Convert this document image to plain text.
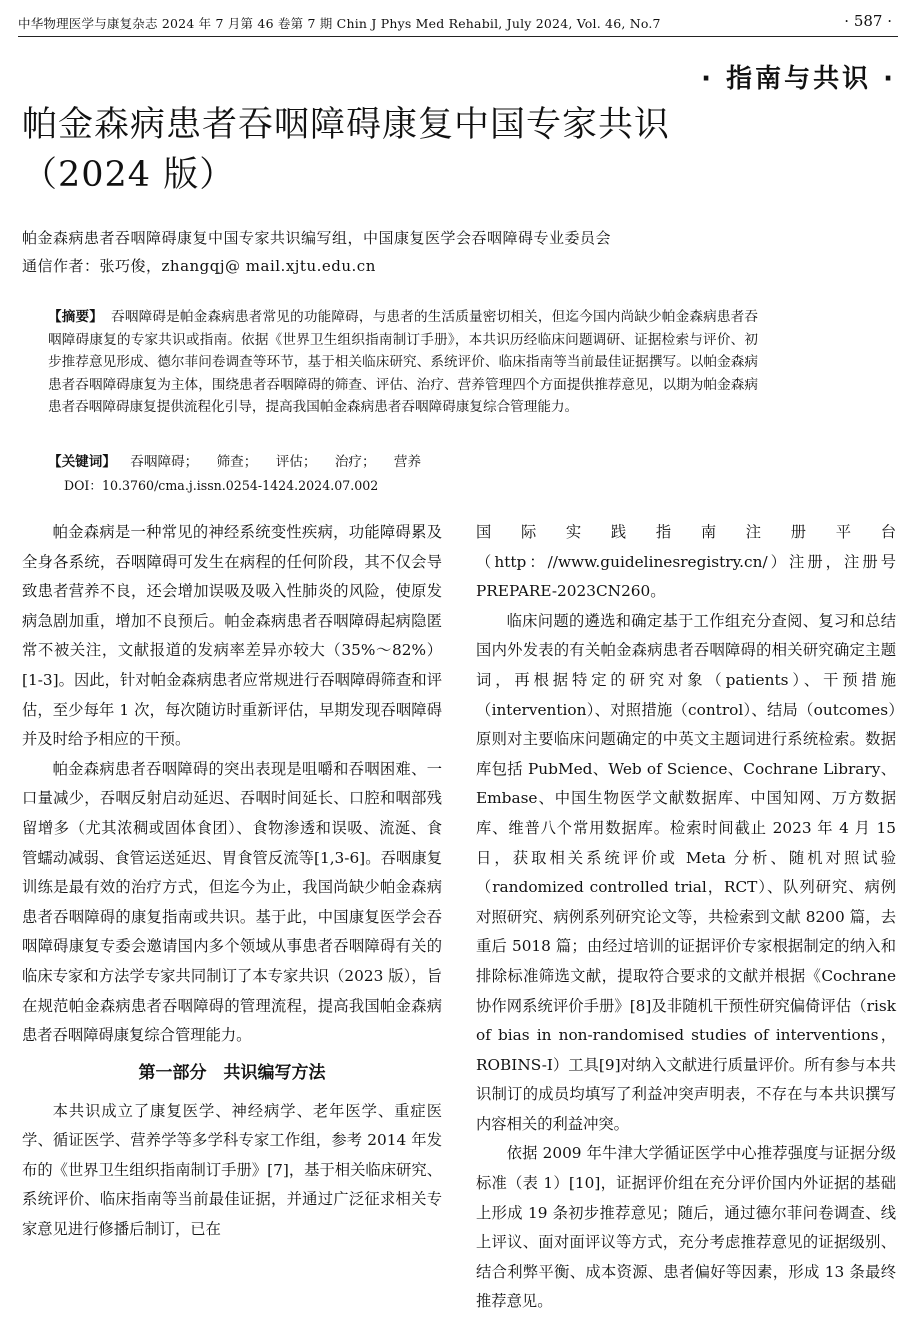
中华物理医学与康复杂志 2024 年 7 月第 46 卷第 7 期 Chin J Phys Med Rehabil, July 2024, Vol. 46, No.7	· 587 ·
· 指南与共识 ·
帕金森病患者吞咽障碍康复中国专家共识
（2024 版）
帕金森病患者吞咽障碍康复中国专家共识编写组，中国康复医学会吞咽障碍专业委员会
通信作者：张巧俊，zhangqj@ mail.xjtu.edu.cn
【摘要】 吞咽障碍是帕金森病患者常见的功能障碍，与患者的生活质量密切相关，但迄今国内尚缺少帕金森病患者吞咽障碍康复的专家共识或指南。依据《世界卫生组织指南制订手册》，本共识历经临床问题调研、证据检索与评价、初步推荐意见形成、德尔菲问卷调查等环节，基于相关临床研究、系统评价、临床指南等当前最佳证据撰写。以帕金森病患者吞咽障碍康复为主体，围绕患者吞咽障碍的筛查、评估、治疗、营养管理四个方面提供推荐意见，以期为帕金森病患者吞咽障碍康复提供流程化引导，提高我国帕金森病患者吞咽障碍康复综合管理能力。
【关键词】 吞咽障碍； 筛查； 评估； 治疗； 营养
DOI：10.3760/cma.j.issn.0254-1424.2024.07.002

帕金森病是一种常见的神经系统变性疾病，功能障碍累及全身各系统，吞咽障碍可发生在病程的任何阶段，其不仅会导致患者营养不良，还会增加误吸及吸入性肺炎的风险，使原发病急剧加重，增加不良预后。帕金森病患者吞咽障碍起病隐匿常不被关注，文献报道的发病率差异亦较大（35%～82%）[1-3]。因此，针对帕金森病患者应常规进行吞咽障碍筛查和评估，至少每年 1 次，每次随访时重新评估，早期发现吞咽障碍并及时给予相应的干预。

帕金森病患者吞咽障碍的突出表现是咀嚼和吞咽困难、一口量减少，吞咽反射启动延迟、吞咽时间延长、口腔和咽部残留增多（尤其浓稠或固体食团）、食物渗透和误吸、流涎、食管蠕动减弱、食管运送延迟、胃食管反流等[1,3-6]。吞咽康复训练是最有效的治疗方式，但迄今为止，我国尚缺少帕金森病患者吞咽障碍的康复指南或共识。基于此，中国康复医学会吞咽障碍康复专委会邀请国内多个领域从事患者吞咽障碍有关的临床专家和方法学专家共同制订了本专家共识（2023 版），旨在规范帕金森病患者吞咽障碍的管理流程，提高我国帕金森病患者吞咽障碍康复综合管理能力。

第一部分　共识编写方法

本共识成立了康复医学、神经病学、老年医学、重症医学、循证医学、营养学等多学科专家工作组，参考 2014 年发布的《世界卫生组织指南制订手册》[7]，基于相关临床研究、系统评价、临床指南等当前最佳证据，并通过广泛征求相关专家意见进行修播后制订，已在

国际实践指南注册平台（http：//www.guidelinesregistry.cn/）注册，注册号 PREPARE-2023CN260。

临床问题的遴选和确定基于工作组充分查阅、复习和总结国内外发表的有关帕金森病患者吞咽障碍的相关研究确定主题词，再根据特定的研究对象（patients）、干预措施（intervention）、对照措施（control）、结局（outcomes）原则对主要临床问题确定的中英文主题词进行系统检索。数据库包括 PubMed、Web of Science、Cochrane Library、Embase、中国生物医学文献数据库、中国知网、万方数据库、维普八个常用数据库。检索时间截止 2023 年 4 月 15 日，获取相关系统评价或 Meta 分析、随机对照试验（randomized controlled trial，RCT）、队列研究、病例对照研究、病例系列研究论文等，共检索到文献 8200 篇，去重后 5018 篇；由经过培训的证据评价专家根据制定的纳入和排除标准筛选文献，提取符合要求的文献并根据《Cochrane 协作网系统评价手册》[8]及非随机干预性研究偏倚评估（risk of bias in non-randomised studies of interventions，ROBINS-I）工具[9]对纳入文献进行质量评价。所有参与本共识制订的成员均填写了利益冲突声明表，不存在与本共识撰写内容相关的利益冲突。

依据 2009 年牛津大学循证医学中心推荐强度与证据分级标准（表 1）[10]，证据评价组在充分评价国内外证据的基础上形成 19 条初步推荐意见；随后，通过德尔菲问卷调查、线上评议、面对面评议等方式，充分考虑推荐意见的证据级别、结合利弊平衡、成本资源、患者偏好等因素，形成 13 条最终推荐意见。
